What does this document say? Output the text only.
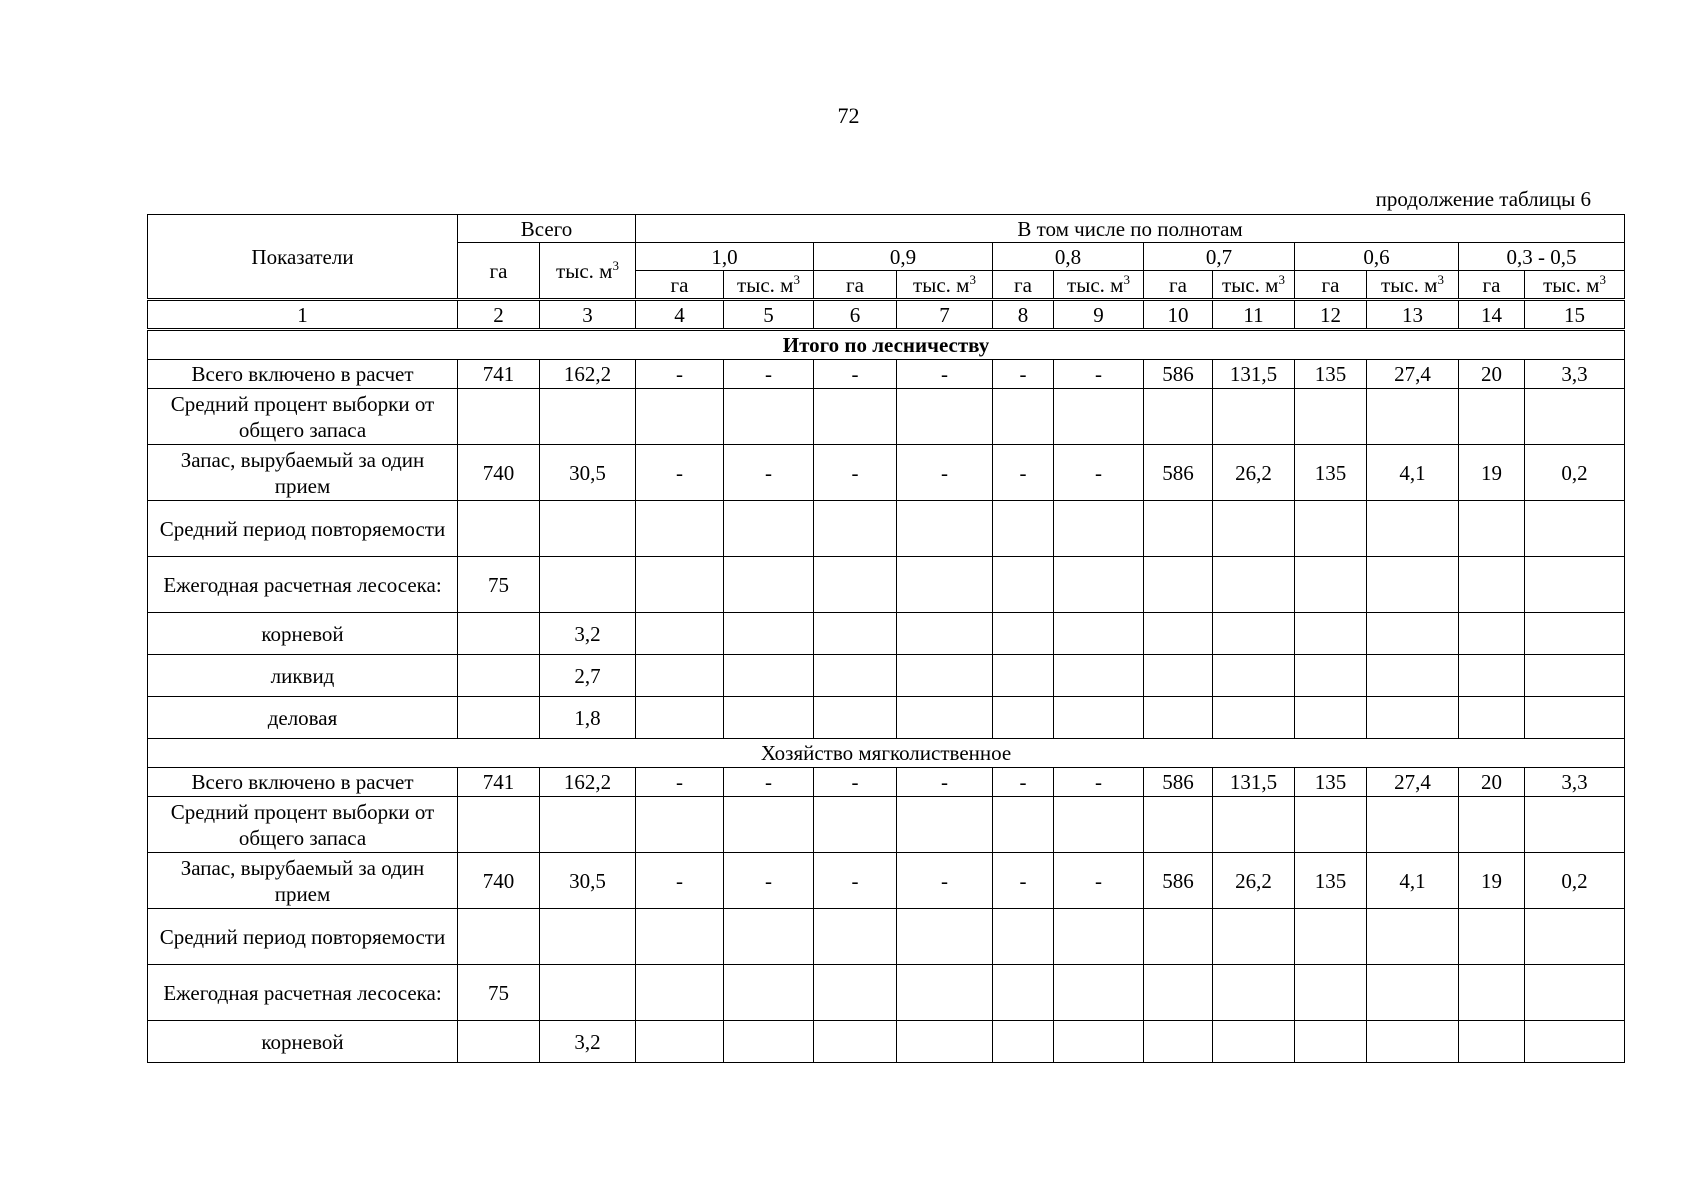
72
продолжение таблицы 6
Показатели	Всего		В том числе по полнотам											
	га	тыс. $м^3$	1,0		0,9		0,8		0,7		0,6		0,3 - 0,5	
			га	тыс. $м^3$	га	тыс. $м^3$	га	тыс. $м^3$	га	тыс. $м^3$	га	тыс. $м^3$	га	тыс. $м^3$
1	2	3	4	5	6	7	8	9	10	11	12	13	14	15
Итого по лесничеству														
Всего включено в расчет	741	162,2	-	-	-	-	-	-	586	131,5	135	27,4	20	3,3
Средний процент выборки от общего запаса														
Запас, вырубаемый за один прием	740	30,5	-	-	-	-	-	-	586	26,2	135	4,1	19	0,2
Средний период повторяемости														
Ежегодная расчетная лесосека:	75													
корневой		3,2												
ликвид		2,7												
деловая		1,8												
Хозяйство мягколиственное														
Всего включено в расчет	741	162,2	-	-	-	-	-	-	586	131,5	135	27,4	20	3,3
Средний процент выборки от общего запаса														
Запас, вырубаемый за один прием	740	30,5	-	-	-	-	-	-	586	26,2	135	4,1	19	0,2
Средний период повторяемости														
Ежегодная расчетная лесосека:	75													
корневой		3,2												
